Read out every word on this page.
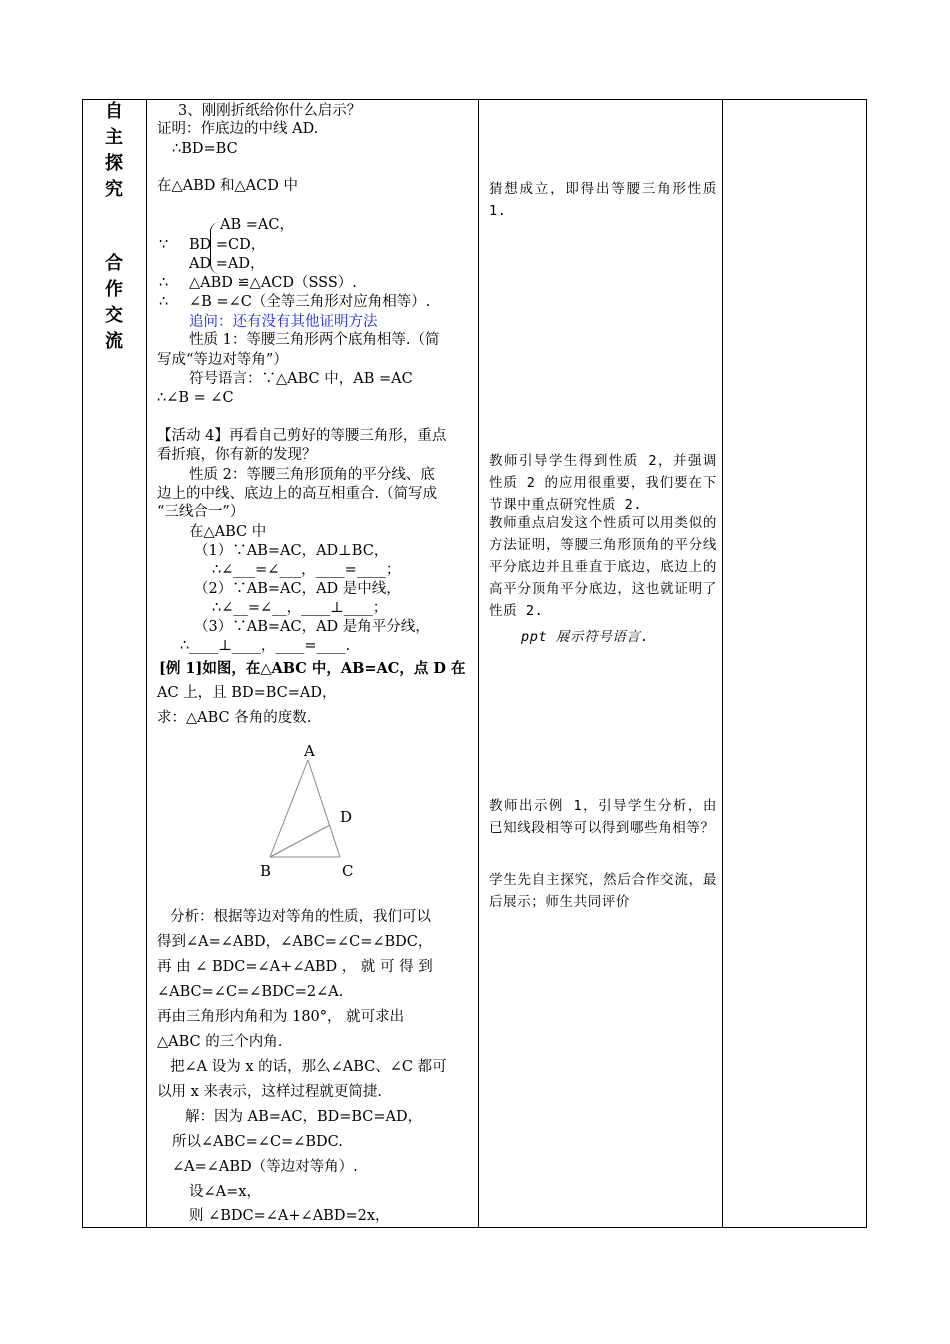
自
主
探
究
合
作
交
流
3、刚刚折纸给你什么启示？
证明：作底边的中线 AD.
∴BD=BC
在△ABD 和△ACD 中
AB =AC，
∵ BD =CD，
AD =AD，
∴ △ABD ≌△ACD（SSS）.
∴ ∠B =∠C（全等三角形对应角相等）.
追问：还有没有其他证明方法
性质 1：等腰三角形两个底角相等.（简
写成“等边对等角”）
符号语言：∵△ABC 中，AB =AC
∴∠B = ∠C
【活动 4】再看自己剪好的等腰三角形，重点
看折痕，你有新的发现？
性质 2：等腰三角形顶角的平分线、底
边上的中线、底边上的高互相重合.（简写成
“三线合一”）
在△ABC 中
（1）∵AB=AC，AD⊥BC，
∴∠___=∠___，____=____；
（2）∵AB=AC，AD 是中线，
∴∠__=∠__，____⊥____；
（3）∵AB=AC，AD 是角平分线，
∴____⊥____，____=____.
[例 1]如图，在△ABC 中，AB=AC，点 D 在
AC 上，且 BD=BC=AD，
求：△ABC 各角的度数.
A
B	C
D
分析：根据等边对等角的性质，我们可以
得到∠A=∠ABD，∠ABC=∠C=∠BDC，
再 由 ∠ BDC=∠A+∠ABD ， 就 可 得 到
∠ABC=∠C=∠BDC=2∠A.
再由三角形内角和为 180°， 就可求出
△ABC 的三个内角.
把∠A 设为 x 的话，那么∠ABC、∠C 都可
以用 x 来表示，这样过程就更简捷.
解：因为 AB=AC，BD=BC=AD，
所以∠ABC=∠C=∠BDC.
∠A=∠ABD（等边对等角）.
设∠A=x，
则 ∠BDC=∠A+∠ABD=2x，
猜想成立，即得出等腰三角形性质 1.
教师引导学生得到性质 2，并强调性质 2 的应用很重要，我们要在下节课中重点研究性质 2.
教师重点启发这个性质可以用类似的方法证明，等腰三角形顶角的平分线平分底边并且垂直于底边，底边上的高平分顶角平分底边，这也就证明了性质 2.
ppt 展示符号语言.
教师出示例 1，引导学生分析，由已知线段相等可以得到哪些角相等？
学生先自主探究，然后合作交流，最后展示；师生共同评价
